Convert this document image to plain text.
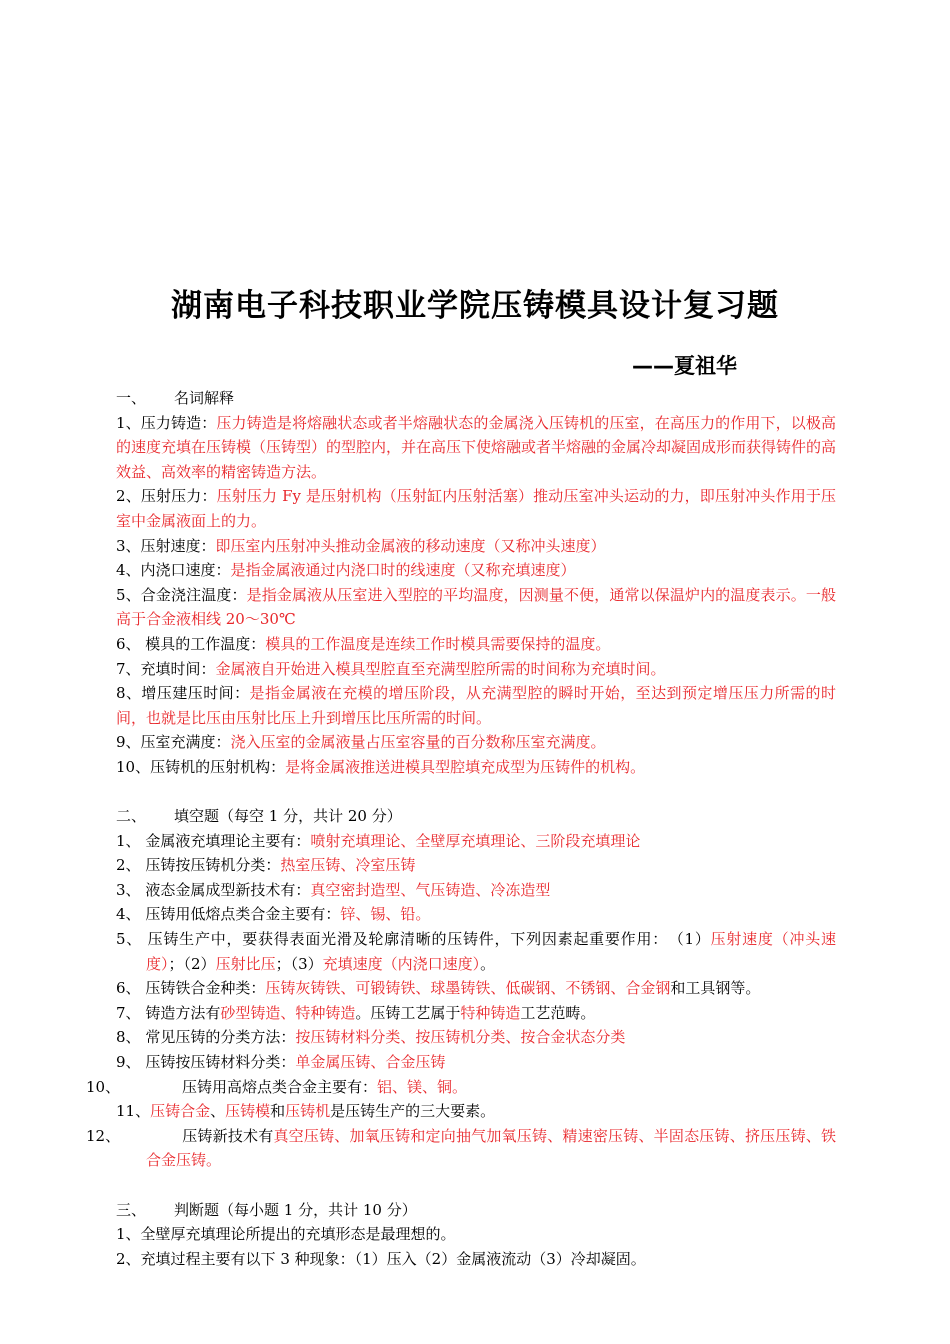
湖南电子科技职业学院压铸模具设计复习题
——夏祖华
一、 名词解释
1、压力铸造：压力铸造是将熔融状态或者半熔融状态的金属浇入压铸机的压室，在高压力的作用下，以极高的速度充填在压铸模（压铸型）的型腔内，并在高压下使熔融或者半熔融的金属冷却凝固成形而获得铸件的高效益、高效率的精密铸造方法。
2、压射压力：压射压力 Fy 是压射机构（压射缸内压射活塞）推动压室冲头运动的力，即压射冲头作用于压室中金属液面上的力。
3、压射速度：即压室内压射冲头推动金属液的移动速度（又称冲头速度）
4、内浇口速度：是指金属液通过内浇口时的线速度（又称充填速度）
5、合金浇注温度：是指金属液从压室进入型腔的平均温度，因测量不便，通常以保温炉内的温度表示。一般高于合金液相线 20～30℃
6、 模具的工作温度：模具的工作温度是连续工作时模具需要保持的温度。
7、充填时间：金属液自开始进入模具型腔直至充满型腔所需的时间称为充填时间。
8、增压建压时间：是指金属液在充模的增压阶段，从充满型腔的瞬时开始，至达到预定增压压力所需的时间，也就是比压由压射比压上升到增压比压所需的时间。
9、压室充满度：浇入压室的金属液量占压室容量的百分数称压室充满度。
10、压铸机的压射机构：是将金属液推送进模具型腔填充成型为压铸件的机构。
二、 填空题（每空 1 分，共计 20 分）
1、 金属液充填理论主要有：喷射充填理论、全壁厚充填理论、三阶段充填理论
2、 压铸按压铸机分类：热室压铸、冷室压铸
3、 液态金属成型新技术有：真空密封造型、气压铸造、冷冻造型
4、 压铸用低熔点类合金主要有：锌、锡、铅。
5、 压铸生产中，要获得表面光滑及轮廓清晰的压铸件，下列因素起重要作用：　（1）压射速度（冲头速度）；（2）压射比压；（3）充填速度（内浇口速度）。
6、 压铸铁合金种类：压铸灰铸铁、可锻铸铁、球墨铸铁、低碳钢、不锈钢、合金钢和工具钢等。
7、 铸造方法有砂型铸造、特种铸造。压铸工艺属于特种铸造工艺范畴。
8、 常见压铸的分类方法：按压铸材料分类、按压铸机分类、按合金状态分类
9、 压铸按压铸材料分类：单金属压铸、合金压铸
10、	压铸用高熔点类合金主要有：铝、镁、铜。
11、压铸合金、压铸模和压铸机是压铸生产的三大要素。
12、	压铸新技术有真空压铸、加氧压铸和定向抽气加氧压铸、精速密压铸、半固态压铸、挤压压铸、铁合金压铸。
三、 判断题（每小题 1 分，共计 10 分）
1、全壁厚充填理论所提出的充填形态是最理想的。
2、充填过程主要有以下 3 种现象：（1）压入（2）金属液流动（3）冷却凝固。
